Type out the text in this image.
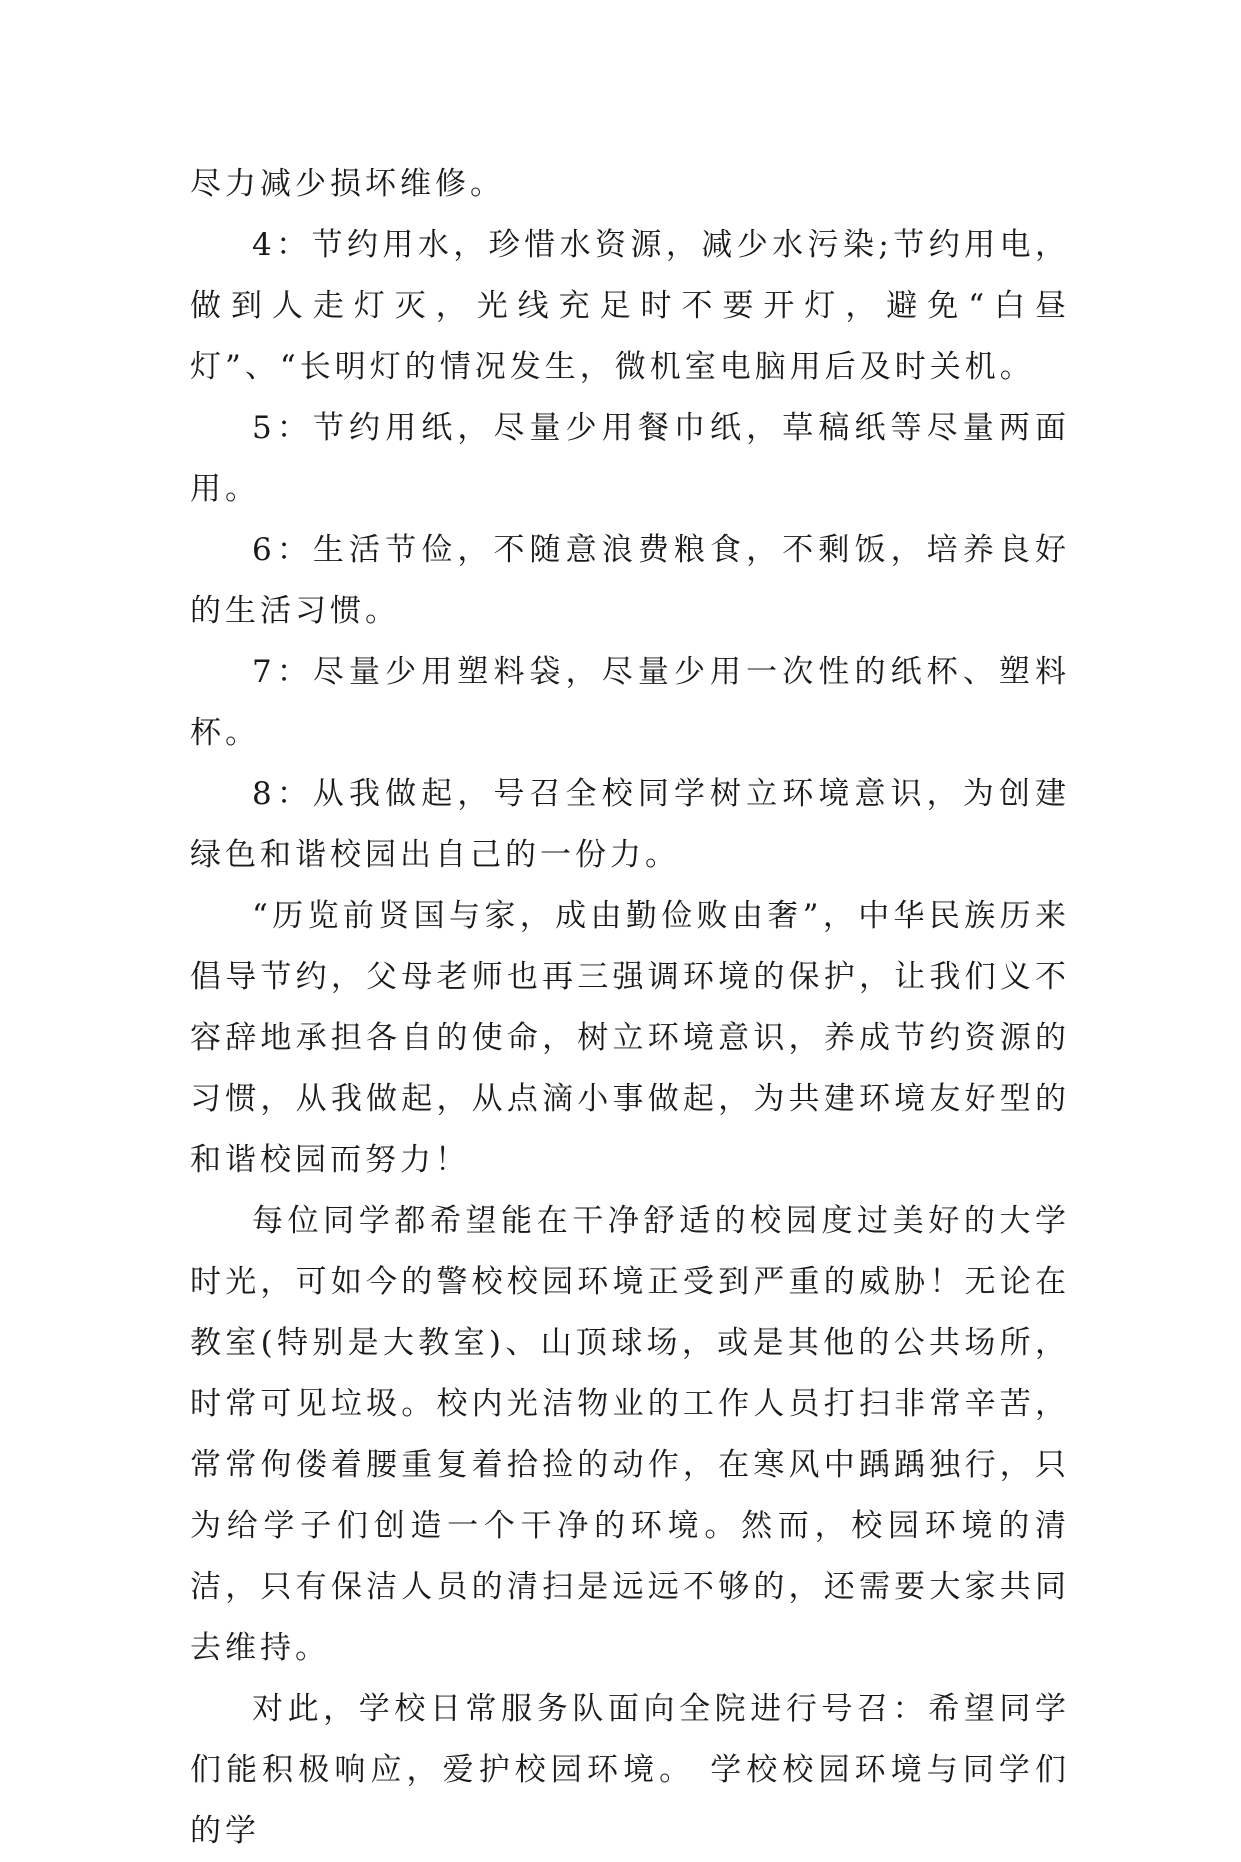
尽力减少损坏维修。

4：节约用水，珍惜水资源，减少水污染;节约用电，做到人走灯灭，光线充足时不要开灯，避免“白昼灯”、“长明灯的情况发生，微机室电脑用后及时关机。

5：节约用纸，尽量少用餐巾纸，草稿纸等尽量两面用。

6：生活节俭，不随意浪费粮食，不剩饭，培养良好的生活习惯。

7：尽量少用塑料袋，尽量少用一次性的纸杯、塑料杯。

8：从我做起，号召全校同学树立环境意识，为创建绿色和谐校园出自己的一份力。

“历览前贤国与家，成由勤俭败由奢”，中华民族历来倡导节约，父母老师也再三强调环境的保护，让我们义不容辞地承担各自的使命，树立环境意识，养成节约资源的习惯，从我做起，从点滴小事做起，为共建环境友好型的和谐校园而努力！

每位同学都希望能在干净舒适的校园度过美好的大学时光，可如今的警校校园环境正受到严重的威胁！无论在教室(特别是大教室)、山顶球场，或是其他的公共场所，时常可见垃圾。校内光洁物业的工作人员打扫非常辛苦，常常佝偻着腰重复着拾捡的动作，在寒风中踽踽独行，只为给学子们创造一个干净的环境。然而，校园环境的清洁，只有保洁人员的清扫是远远不够的，还需要大家共同去维持。

对此，学校日常服务队面向全院进行号召：希望同学们能积极响应，爱护校园环境。 学校校园环境与同学们的学
